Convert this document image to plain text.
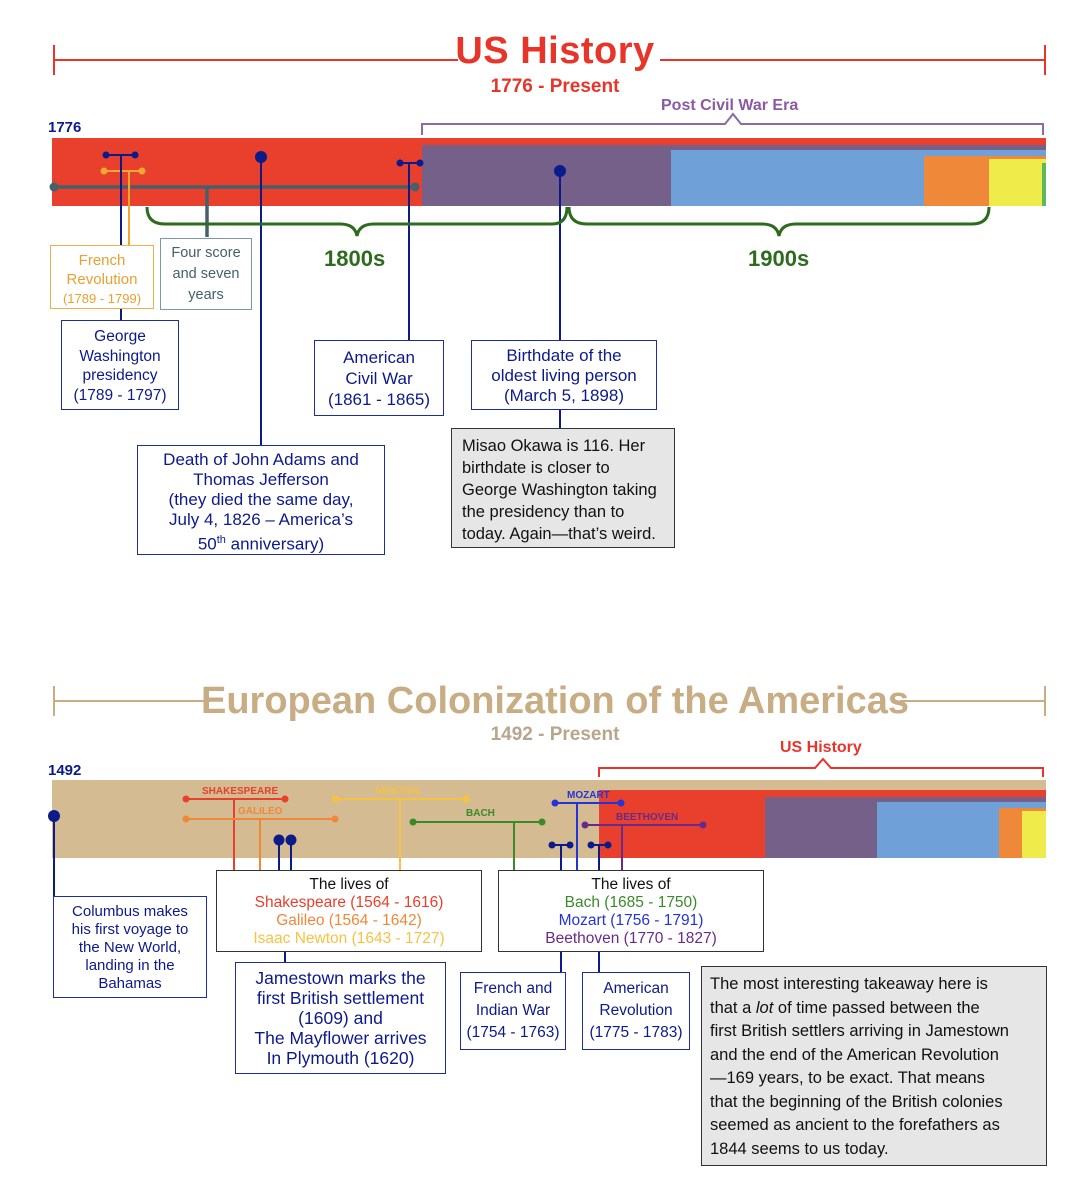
US History
1776 - Present
1776
Post Civil War Era
1800s	1900s
French
Revolution
(1789 - 1799)
Four score
and seven
years
George
Washington
presidency
(1789 - 1797)
American
Civil War
(1861 - 1865)
Birthdate of the
oldest living person
(March 5, 1898)
Death of John Adams and
Thomas Jefferson
(they died the same day,
July 4, 1826 – America’s
50th anniversary)
Misao Okawa is 116. Her
birthdate is closer to
George Washington taking
the presidency than to
today. Again—that’s weird.
European Colonization of the Americas
1492 - Present
1492
US History
SHAKESPEARE
GALILEO
NEWTON
BACH
MOZART
BEETHOVEN
The lives of
Shakespeare (1564 - 1616)
Galileo (1564 - 1642)
Isaac Newton (1643 - 1727)
The lives of
Bach (1685 - 1750)
Mozart (1756 - 1791)
Beethoven (1770 - 1827)
Columbus makes
his first voyage to
the New World,
landing in the
Bahamas	Jamestown marks the
first British settlement
(1609) and
The Mayflower arrives
In Plymouth (1620)
French and
Indian War
(1754 - 1763)
American
Revolution
(1775 - 1783)
The most interesting takeaway here is
that a lot of time passed between the
first British settlers arriving in Jamestown
and the end of the American Revolution
—169 years, to be exact. That means
that the beginning of the British colonies
seemed as ancient to the forefathers as
1844 seems to us today.
